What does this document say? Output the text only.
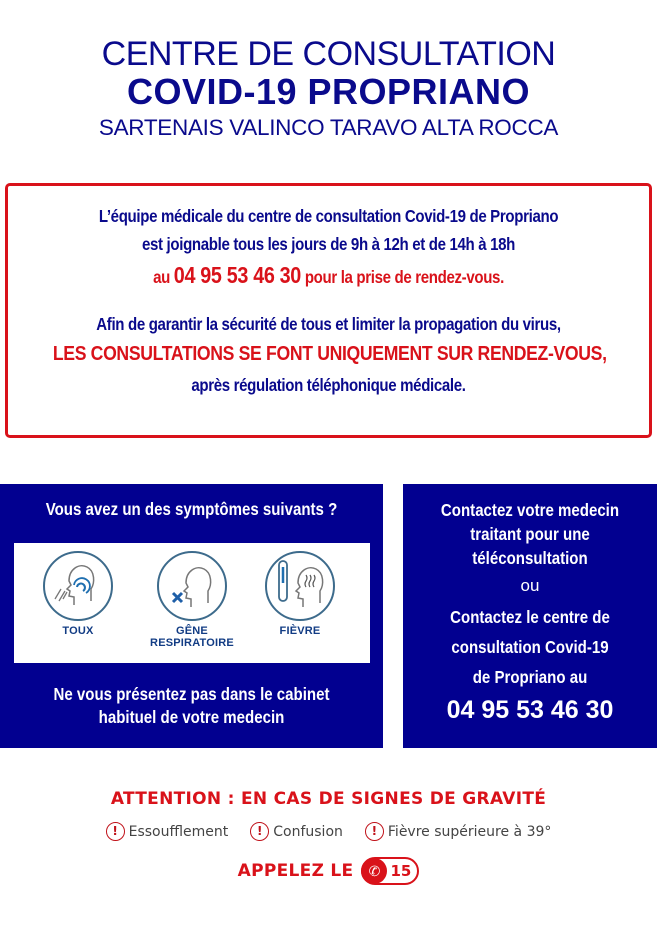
CENTRE DE CONSULTATION
COVID-19 PROPRIANO
SARTENAIS VALINCO TARAVO ALTA ROCCA
L’équipe médicale du centre de consultation Covid-19 de Propriano
est joignable tous les jours de 9h à 12h et de 14h à 18h
au 04 95 53 46 30 pour la prise de rendez-vous.
Afin de garantir la sécurité de tous et limiter la propagation du virus,
LES CONSULTATIONS SE FONT UNIQUEMENT SUR RENDEZ-VOUS,
après régulation téléphonique médicale.
Vous avez un des symptômes suivants ?
TOUX	GÊNE
RESPIRATOIRE
FIÈVRE
Ne vous présentez pas dans le cabinet
habituel de votre medecin
Contactez votre medecin
traitant pour une
téléconsultation
ou
Contactez le centre de
consultation Covid-19
de Propriano au
04 95 53 46 30
ATTENTION : EN CAS DE SIGNES DE GRAVITÉ
! Essoufflement	! Confusion	! Fièvre supérieure à 39°
APPELEZ LE	✆ 15
